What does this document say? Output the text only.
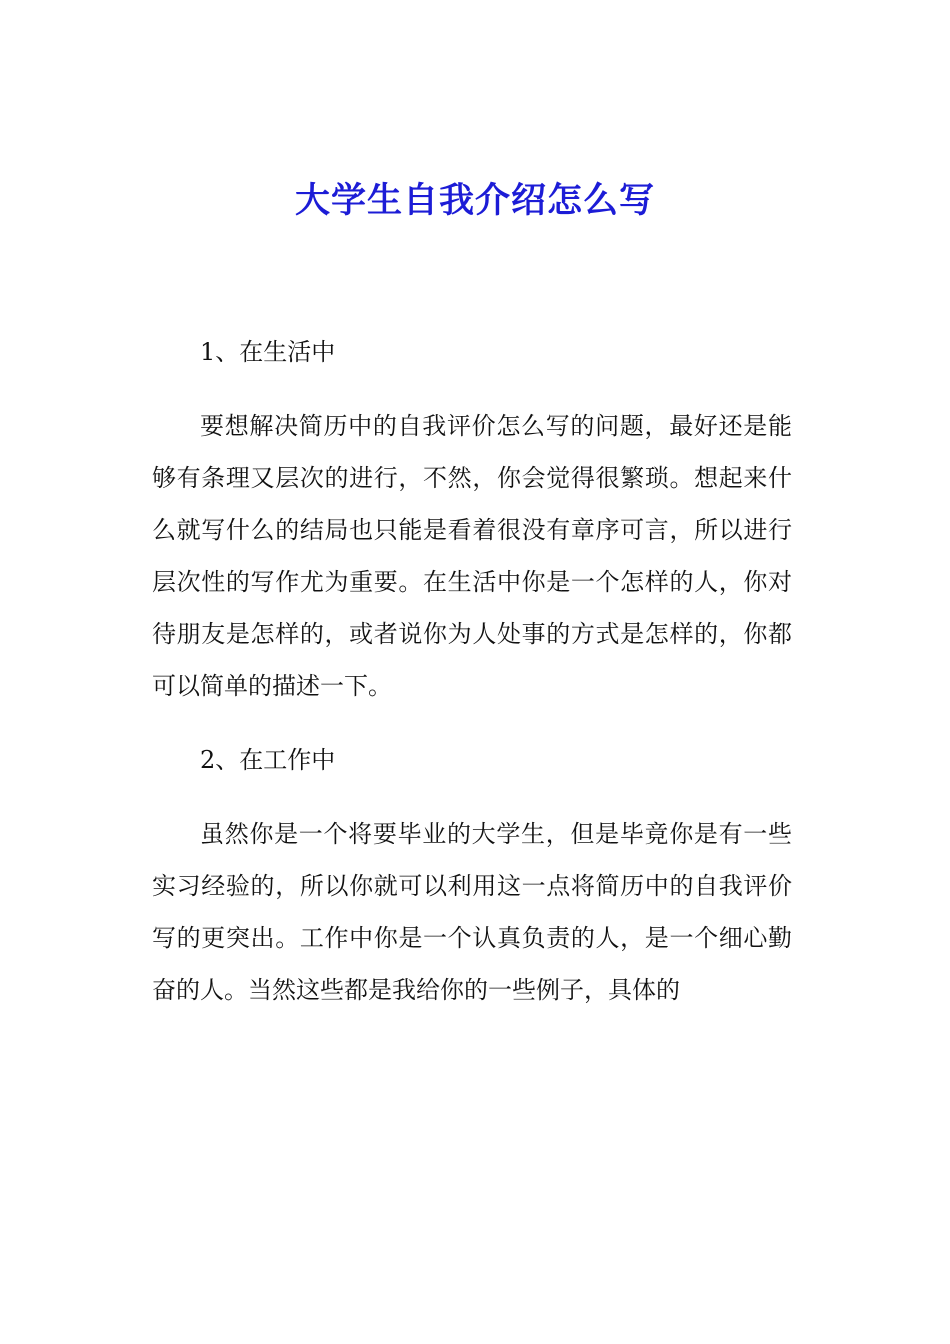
大学生自我介绍怎么写

1、在生活中

要想解决简历中的自我评价怎么写的问题，最好还是能够有条理又层次的进行，不然，你会觉得很繁琐。想起来什么就写什么的结局也只能是看着很没有章序可言，所以进行层次性的写作尤为重要。在生活中你是一个怎样的人，你对待朋友是怎样的，或者说你为人处事的方式是怎样的，你都可以简单的描述一下。

2、在工作中

虽然你是一个将要毕业的大学生，但是毕竟你是有一些实习经验的，所以你就可以利用这一点将简历中的自我评价写的更突出。工作中你是一个认真负责的人，是一个细心勤奋的人。当然这些都是我给你的一些例子，具体的
